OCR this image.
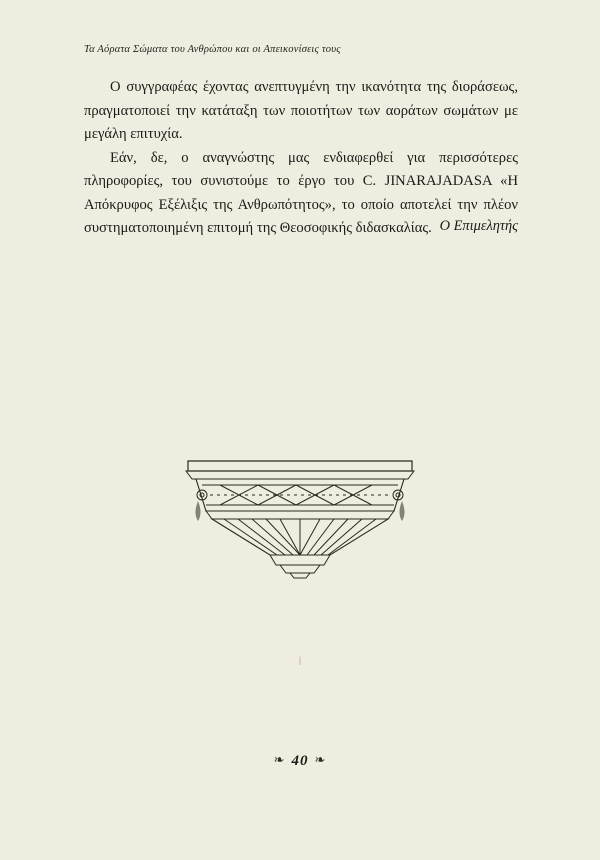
Τα Αόρατα Σώματα του Ανθρώπου και οι Απεικονίσεις τους

Ο συγγραφέας έχοντας ανεπτυγμένη την ικανότητα της διοράσεως, πραγματοποιεί την κατάταξη των ποιοτήτων των αοράτων σωμάτων με μεγάλη επιτυχία.

Εάν, δε, ο αναγνώστης μας ενδιαφερθεί για περισσότερες πληροφορίες, του συνιστούμε το έργο του C. JINARAJADASA «Η Απόκρυφος Εξέλιξις της Ανθρωπότητος», το οποίο αποτελεί την πλέον συστηματοποιημένη επιτομή της Θεοσοφικής διδασκαλίας. Ο Επιμελητής
|
❧ 40 ❧
